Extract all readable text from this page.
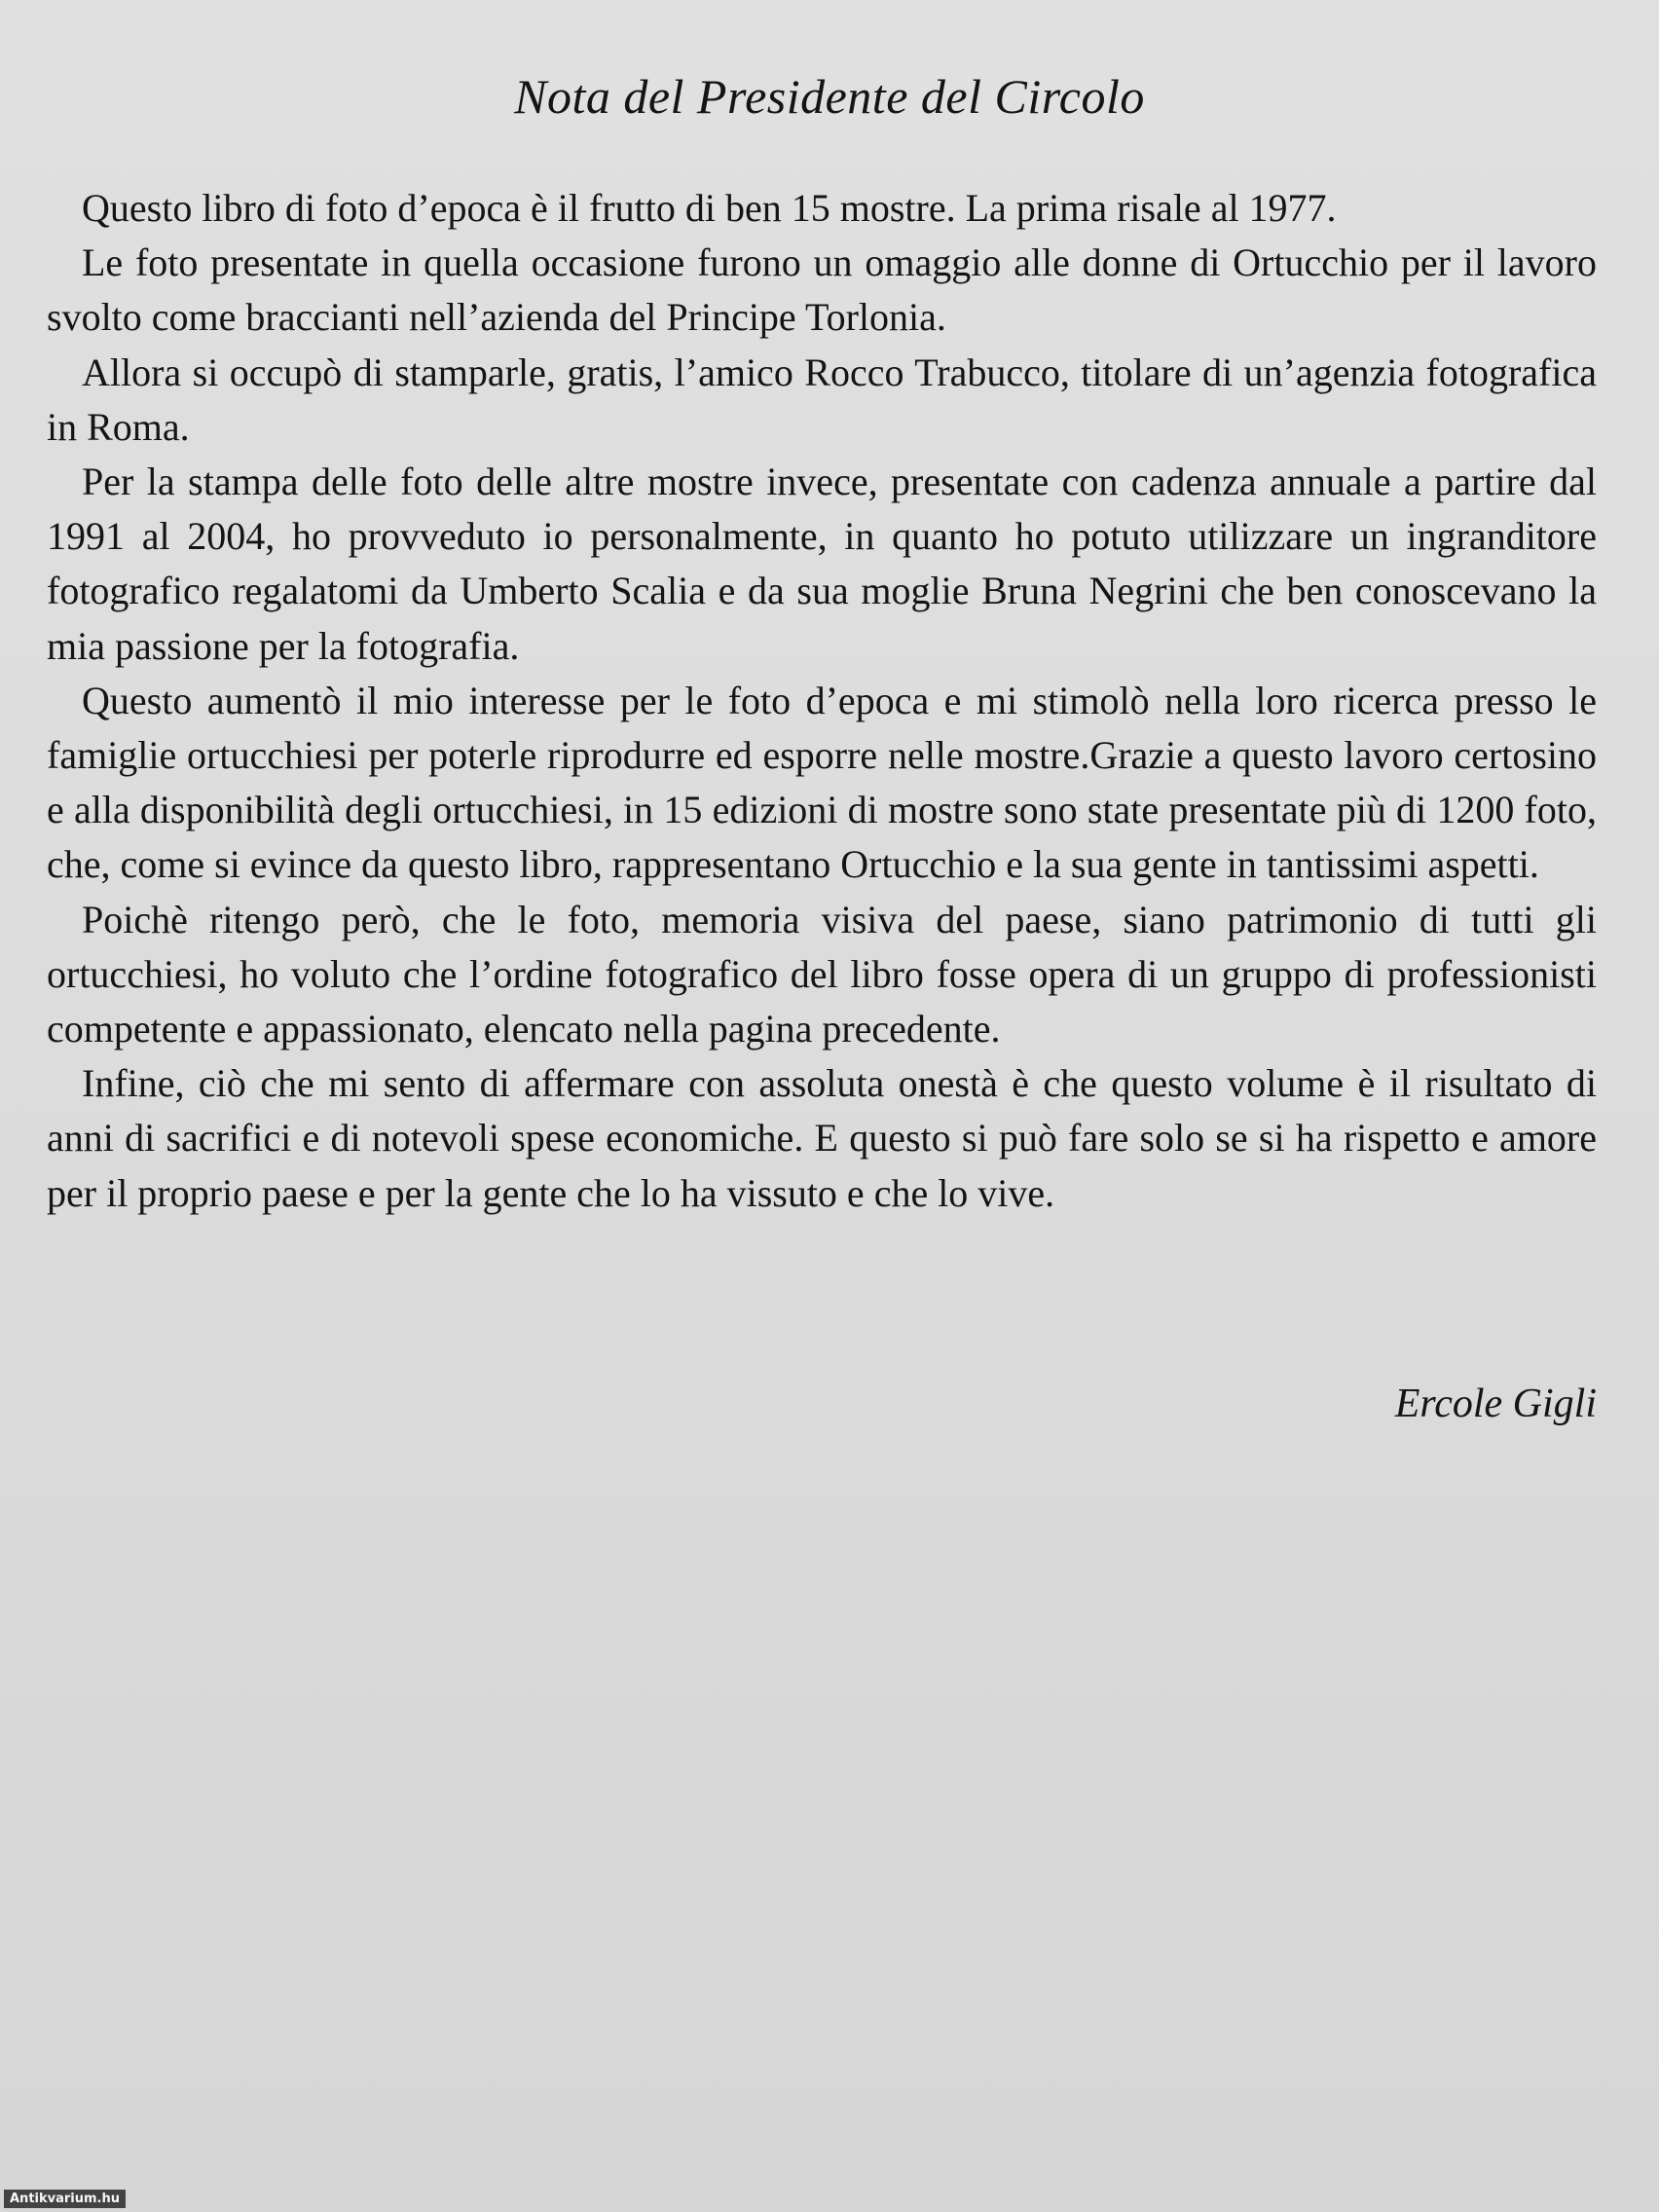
Nota del Presidente del Circolo

Questo libro di foto d’epoca è il frutto di ben 15 mostre. La prima risale al 1977.

Le foto presentate in quella occasione furono un omaggio alle donne di Ortucchio per il lavoro svolto come braccianti nell’azienda del Principe Torlonia.

Allora si occupò di stamparle, gratis, l’amico Rocco Trabucco, titolare di un’agenzia fotografica in Roma.

Per la stampa delle foto delle altre mostre invece, presentate con cadenza annuale a partire dal 1991 al 2004, ho provveduto io personalmente, in quanto ho potuto utilizzare un ingranditore fotografico regalatomi da Umberto Scalia e da sua moglie Bruna Negrini che ben conoscevano la mia passione per la fotografia.

Questo aumentò il mio interesse per le foto d’epoca e mi stimolò nella loro ricerca presso le famiglie ortucchiesi per poterle riprodurre ed esporre nelle mostre.Grazie a questo lavoro certosino e alla disponibilità degli ortucchiesi, in 15 edizioni di mostre sono state presentate più di 1200 foto, che, come si evince da questo libro, rappresentano Ortucchio e la sua gente in tantissimi aspetti.

Poichè ritengo però, che le foto, memoria visiva del paese, siano patrimonio di tutti gli ortucchiesi, ho voluto che l’ordine fotografico del libro fosse opera di un gruppo di professionisti competente e appassionato, elencato nella pagina precedente.

Infine, ciò che mi sento di affermare con assoluta onestà è che questo volume è il risultato di anni di sacrifici e di notevoli spese economiche. E questo si può fare solo se si ha rispetto e amore per il proprio paese e per la gente che lo ha vissuto e che lo vive.

Ercole Gigli

Antikvarium.hu
